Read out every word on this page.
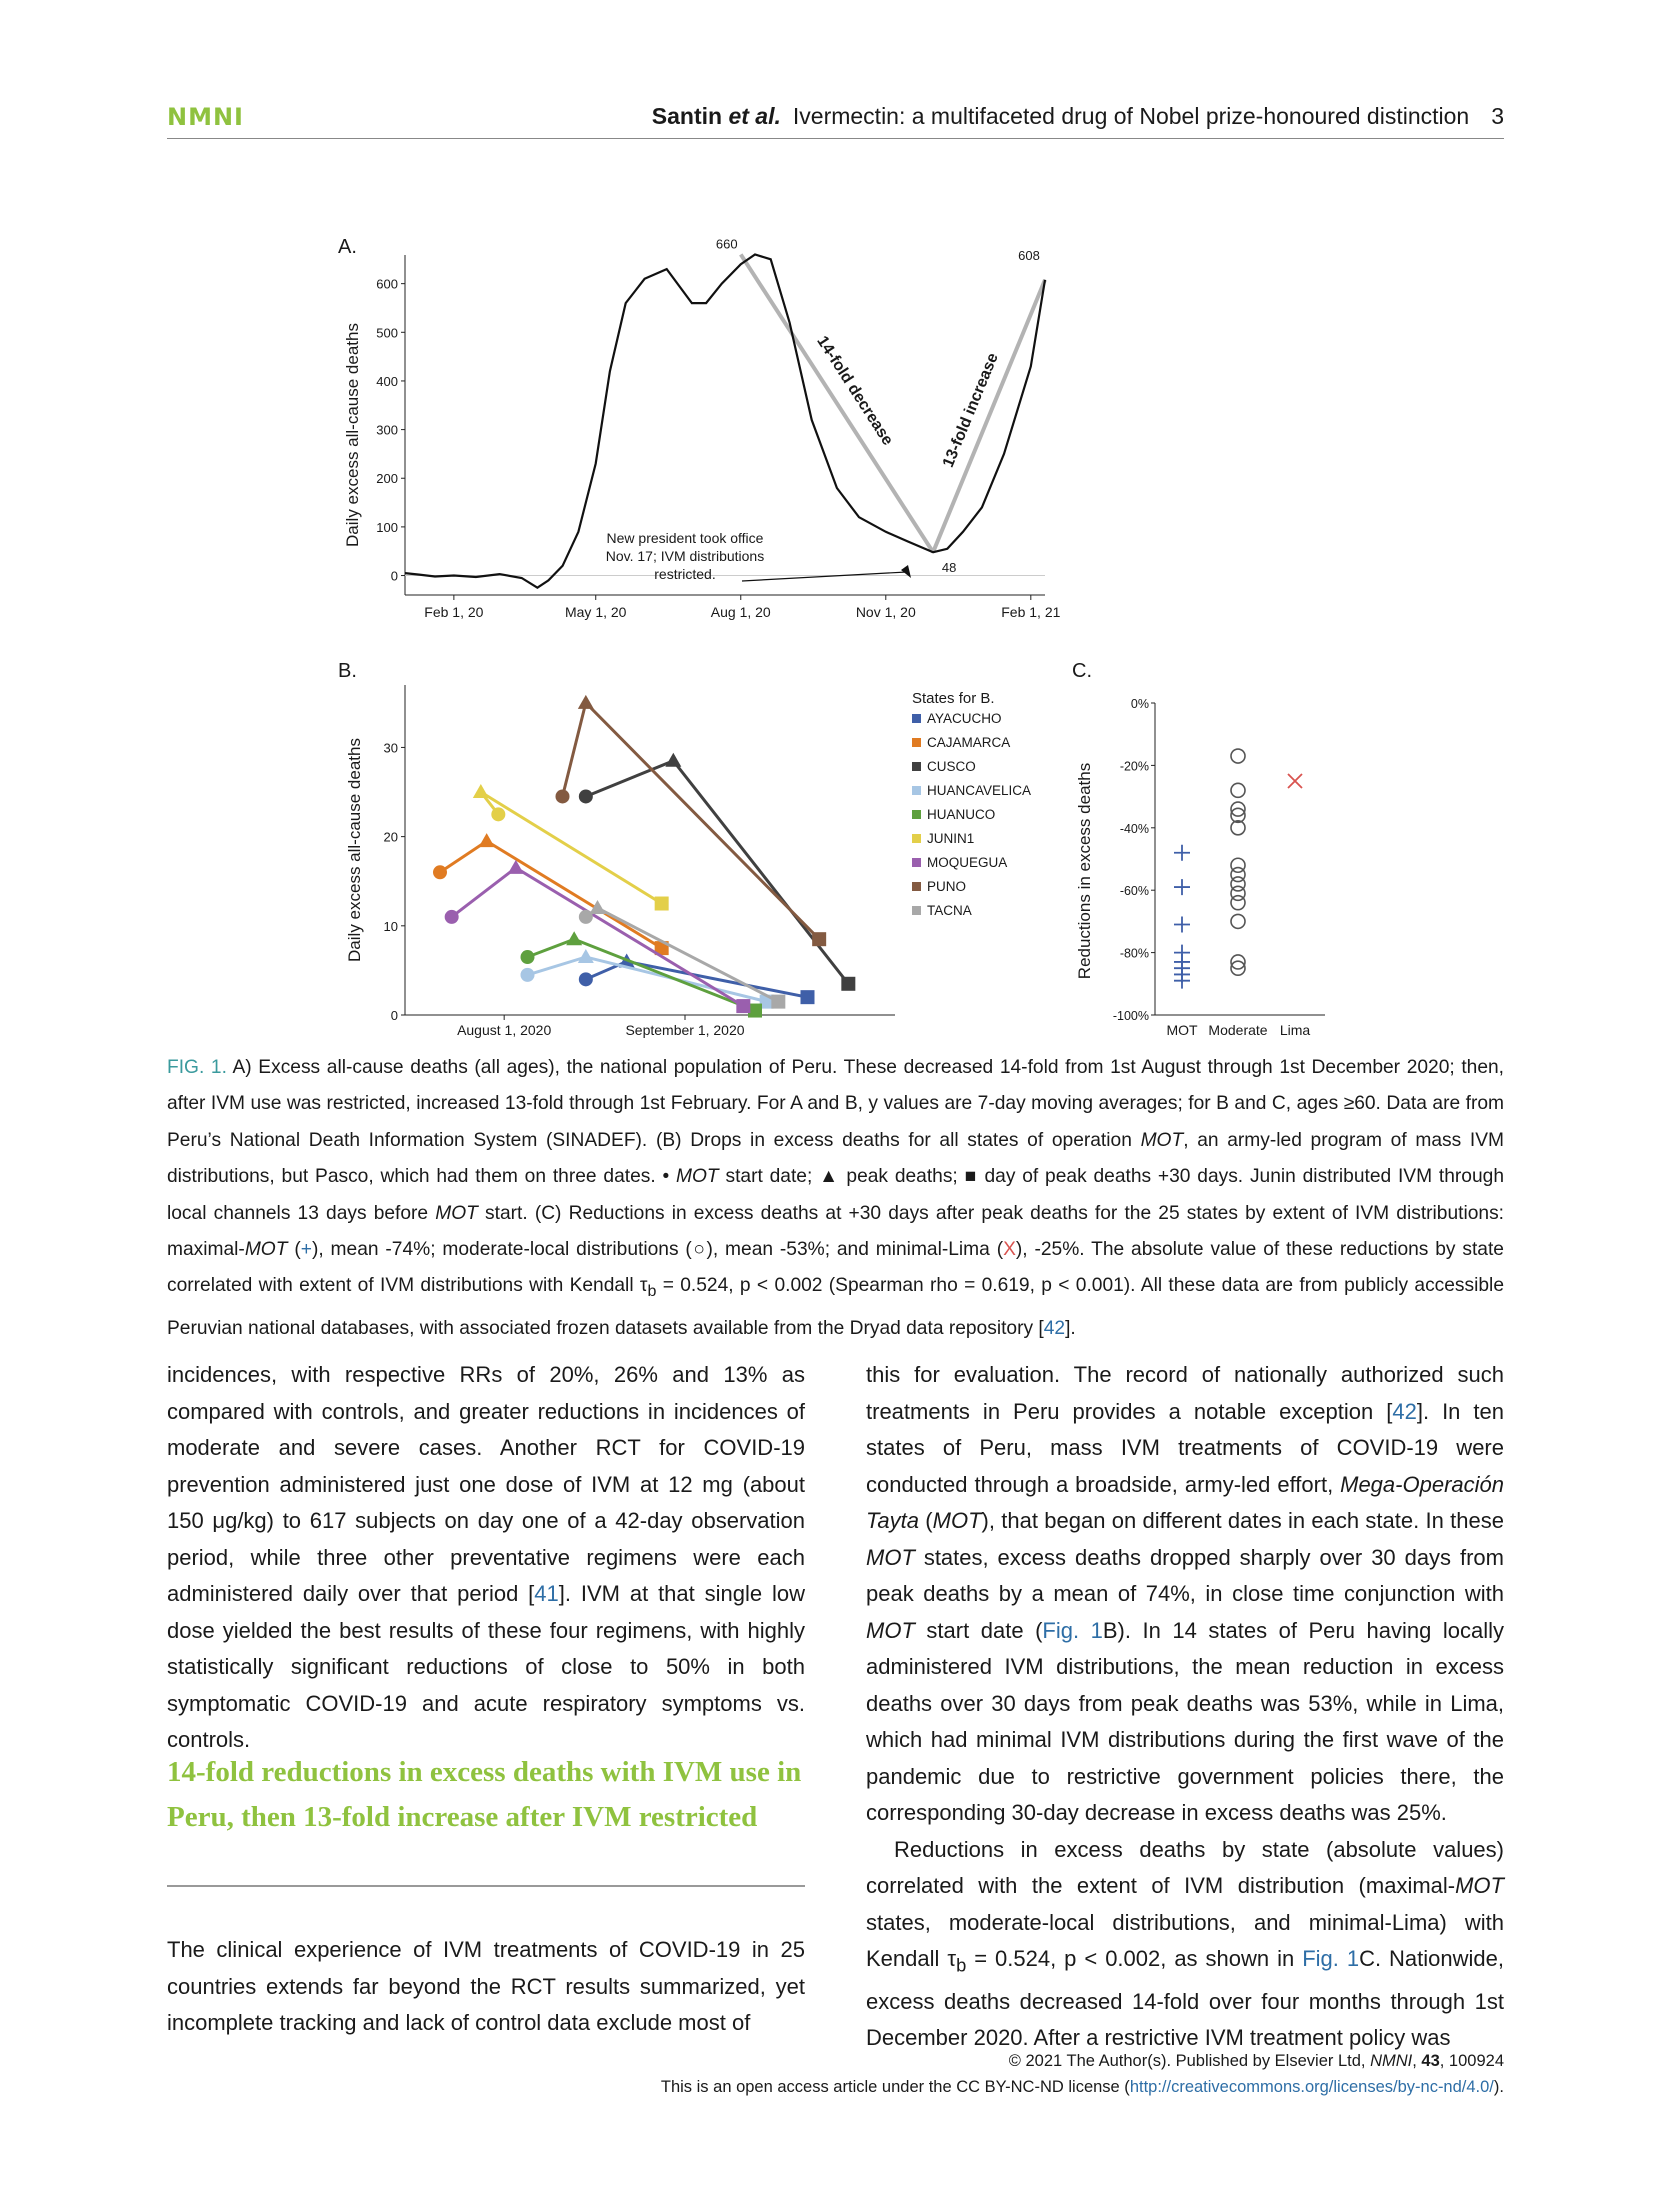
NMNI	Santin et al. Ivermectin: a multifaceted drug of Nobel prize-honoured distinction 3
A.
0
100
200
300
400
500
600
Feb 1, 20	May 1, 20	Aug 1, 20	Nov 1, 20	Feb 1, 21
Daily excess all-cause deaths	14-fold decrease	13-fold increase
660
48
608
New president took office
Nov. 17; IVM distributions
restricted.
B.
0
10
20
30
August 1, 2020	September 1, 2020
Daily excess all-cause deaths
States for B.
AYACUCHO
CAJAMARCA
CUSCO
HUANCAVELICA
HUANUCO
JUNIN1
MOQUEGUA
PUNO
TACNA
C.
0%
-20%
-40%
-60%
-80%
-100%
MOT Moderate Lima
Reductions in excess deaths
FIG. 1. A) Excess all-cause deaths (all ages), the national population of Peru. These decreased 14-fold from 1st August through 1st December 2020; then, after IVM use was restricted, increased 13-fold through 1st February. For A and B, y values are 7-day moving averages; for B and C, ages ≥60. Data are from Peru’s National Death Information System (SINADEF). (B) Drops in excess deaths for all states of operation MOT, an army-led program of mass IVM distributions, but Pasco, which had them on three dates. • MOT start date; ▲ peak deaths; ■ day of peak deaths +30 days. Junin distributed IVM through local channels 13 days before MOT start. (C) Reductions in excess deaths at +30 days after peak deaths for the 25 states by extent of IVM distributions: maximal-MOT (+), mean -74%; moderate-local distributions (○), mean -53%; and minimal-Lima (X), -25%. The absolute value of these reductions by state correlated with extent of IVM distributions with Kendall $\tau_b = 0.524$, p < 0.002 (Spearman rho = 0.619, p < 0.001). All these data are from publicly accessible Peruvian national databases, with associated frozen datasets available from the Dryad data repository [42].

incidences, with respective RRs of 20%, 26% and 13% as compared with controls, and greater reductions in incidences of moderate and severe cases. Another RCT for COVID-19 prevention administered just one dose of IVM at 12 mg (about 150 μg/kg) to 617 subjects on day one of a 42-day observation period, while three other preventative regimens were each administered daily over that period [41]. IVM at that single low dose yielded the best results of these four regimens, with highly statistically significant reductions of close to 50% in both symptomatic COVID-19 and acute respiratory symptoms vs. controls.

14-fold reductions in excess deaths with IVM use in Peru, then 13-fold increase after IVM restricted

The clinical experience of IVM treatments of COVID-19 in 25 countries extends far beyond the RCT results summarized, yet incomplete tracking and lack of control data exclude most of

this for evaluation. The record of nationally authorized such treatments in Peru provides a notable exception [42]. In ten states of Peru, mass IVM treatments of COVID-19 were conducted through a broadside, army-led effort, Mega-Operación Tayta (MOT), that began on different dates in each state. In these MOT states, excess deaths dropped sharply over 30 days from peak deaths by a mean of 74%, in close time conjunction with MOT start date (Fig. 1B). In 14 states of Peru having locally administered IVM distributions, the mean reduction in excess deaths over 30 days from peak deaths was 53%, while in Lima, which had minimal IVM distributions during the first wave of the pandemic due to restrictive government policies there, the corresponding 30-day decrease in excess deaths was 25%.

Reductions in excess deaths by state (absolute values) correlated with the extent of IVM distribution (maximal-MOT states, moderate-local distributions, and minimal-Lima) with Kendall $\tau_b = 0.524$, p < 0.002, as shown in Fig. 1C. Nationwide, excess deaths decreased 14-fold over four months through 1st December 2020. After a restrictive IVM treatment policy was

© 2021 The Author(s). Published by Elsevier Ltd, NMNI, 43, 100924
This is an open access article under the CC BY-NC-ND license (http://creativecommons.org/licenses/by-nc-nd/4.0/).
